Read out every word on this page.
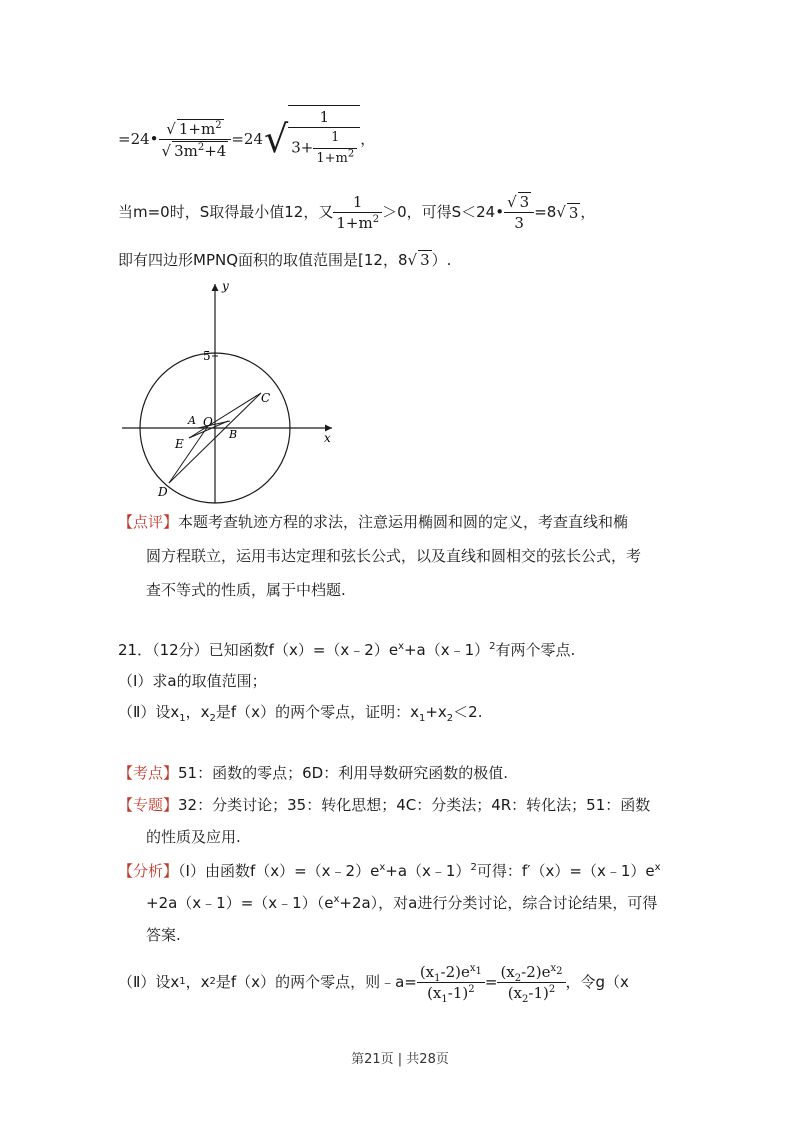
=24• √ $1+m^2$
√ $3m^2+4 =24$ √ $\frac{1}{3+ \frac{1}{1+m^2}}$ ，
当m=0时，S取得最小值12，又 $\frac{1}{1+m^2} >0$，可得S＜24• √ $\frac{3}{3} =8$ √ 3 ，
即有四边形MPNQ面积的取值范围是[12，8 √ 3 ）.
y
x
5
A O
B
C
E
D
【点评】本题考查轨迹方程的求法，注意运用椭圆和圆的定义，考查直线和椭
圆方程联立，运用韦达定理和弦长公式，以及直线和圆相交的弦长公式，考
查不等式的性质，属于中档题.
21．（12分）已知函数$f(x)=(x﹣2)e^x+a(x﹣1)^2$有两个零点.
（Ⅰ）求a的取值范围；
（Ⅱ）设$x_1$，$x_2$是f（x）的两个零点，证明：$x_1+x_2<2$.
【考点】51：函数的零点；6D：利用导数研究函数的极值.
【专题】32：分类讨论；35：转化思想；4C：分类法；4R：转化法；51：函数
的性质及应用.
【分析】（Ⅰ）由函数$f(x)=(x﹣2)e^x+a(x﹣1)^2$可得：$f'(x)=(x﹣1)e^x$
$+2a(x﹣1)=(x﹣1)(e^x+2a)$，对a进行分类讨论，综合讨论结果，可得
答案.
（Ⅱ）设x 1 ，x 2 是f（x）的两个零点，则﹣a= $\frac{(x_1-2)e^{x_1}}{(x_1-1)^2} = \frac{(x_2-2)e^{x_2}}{(x_2-1)^2}$ ，令g（x
第21页 | 共28页
